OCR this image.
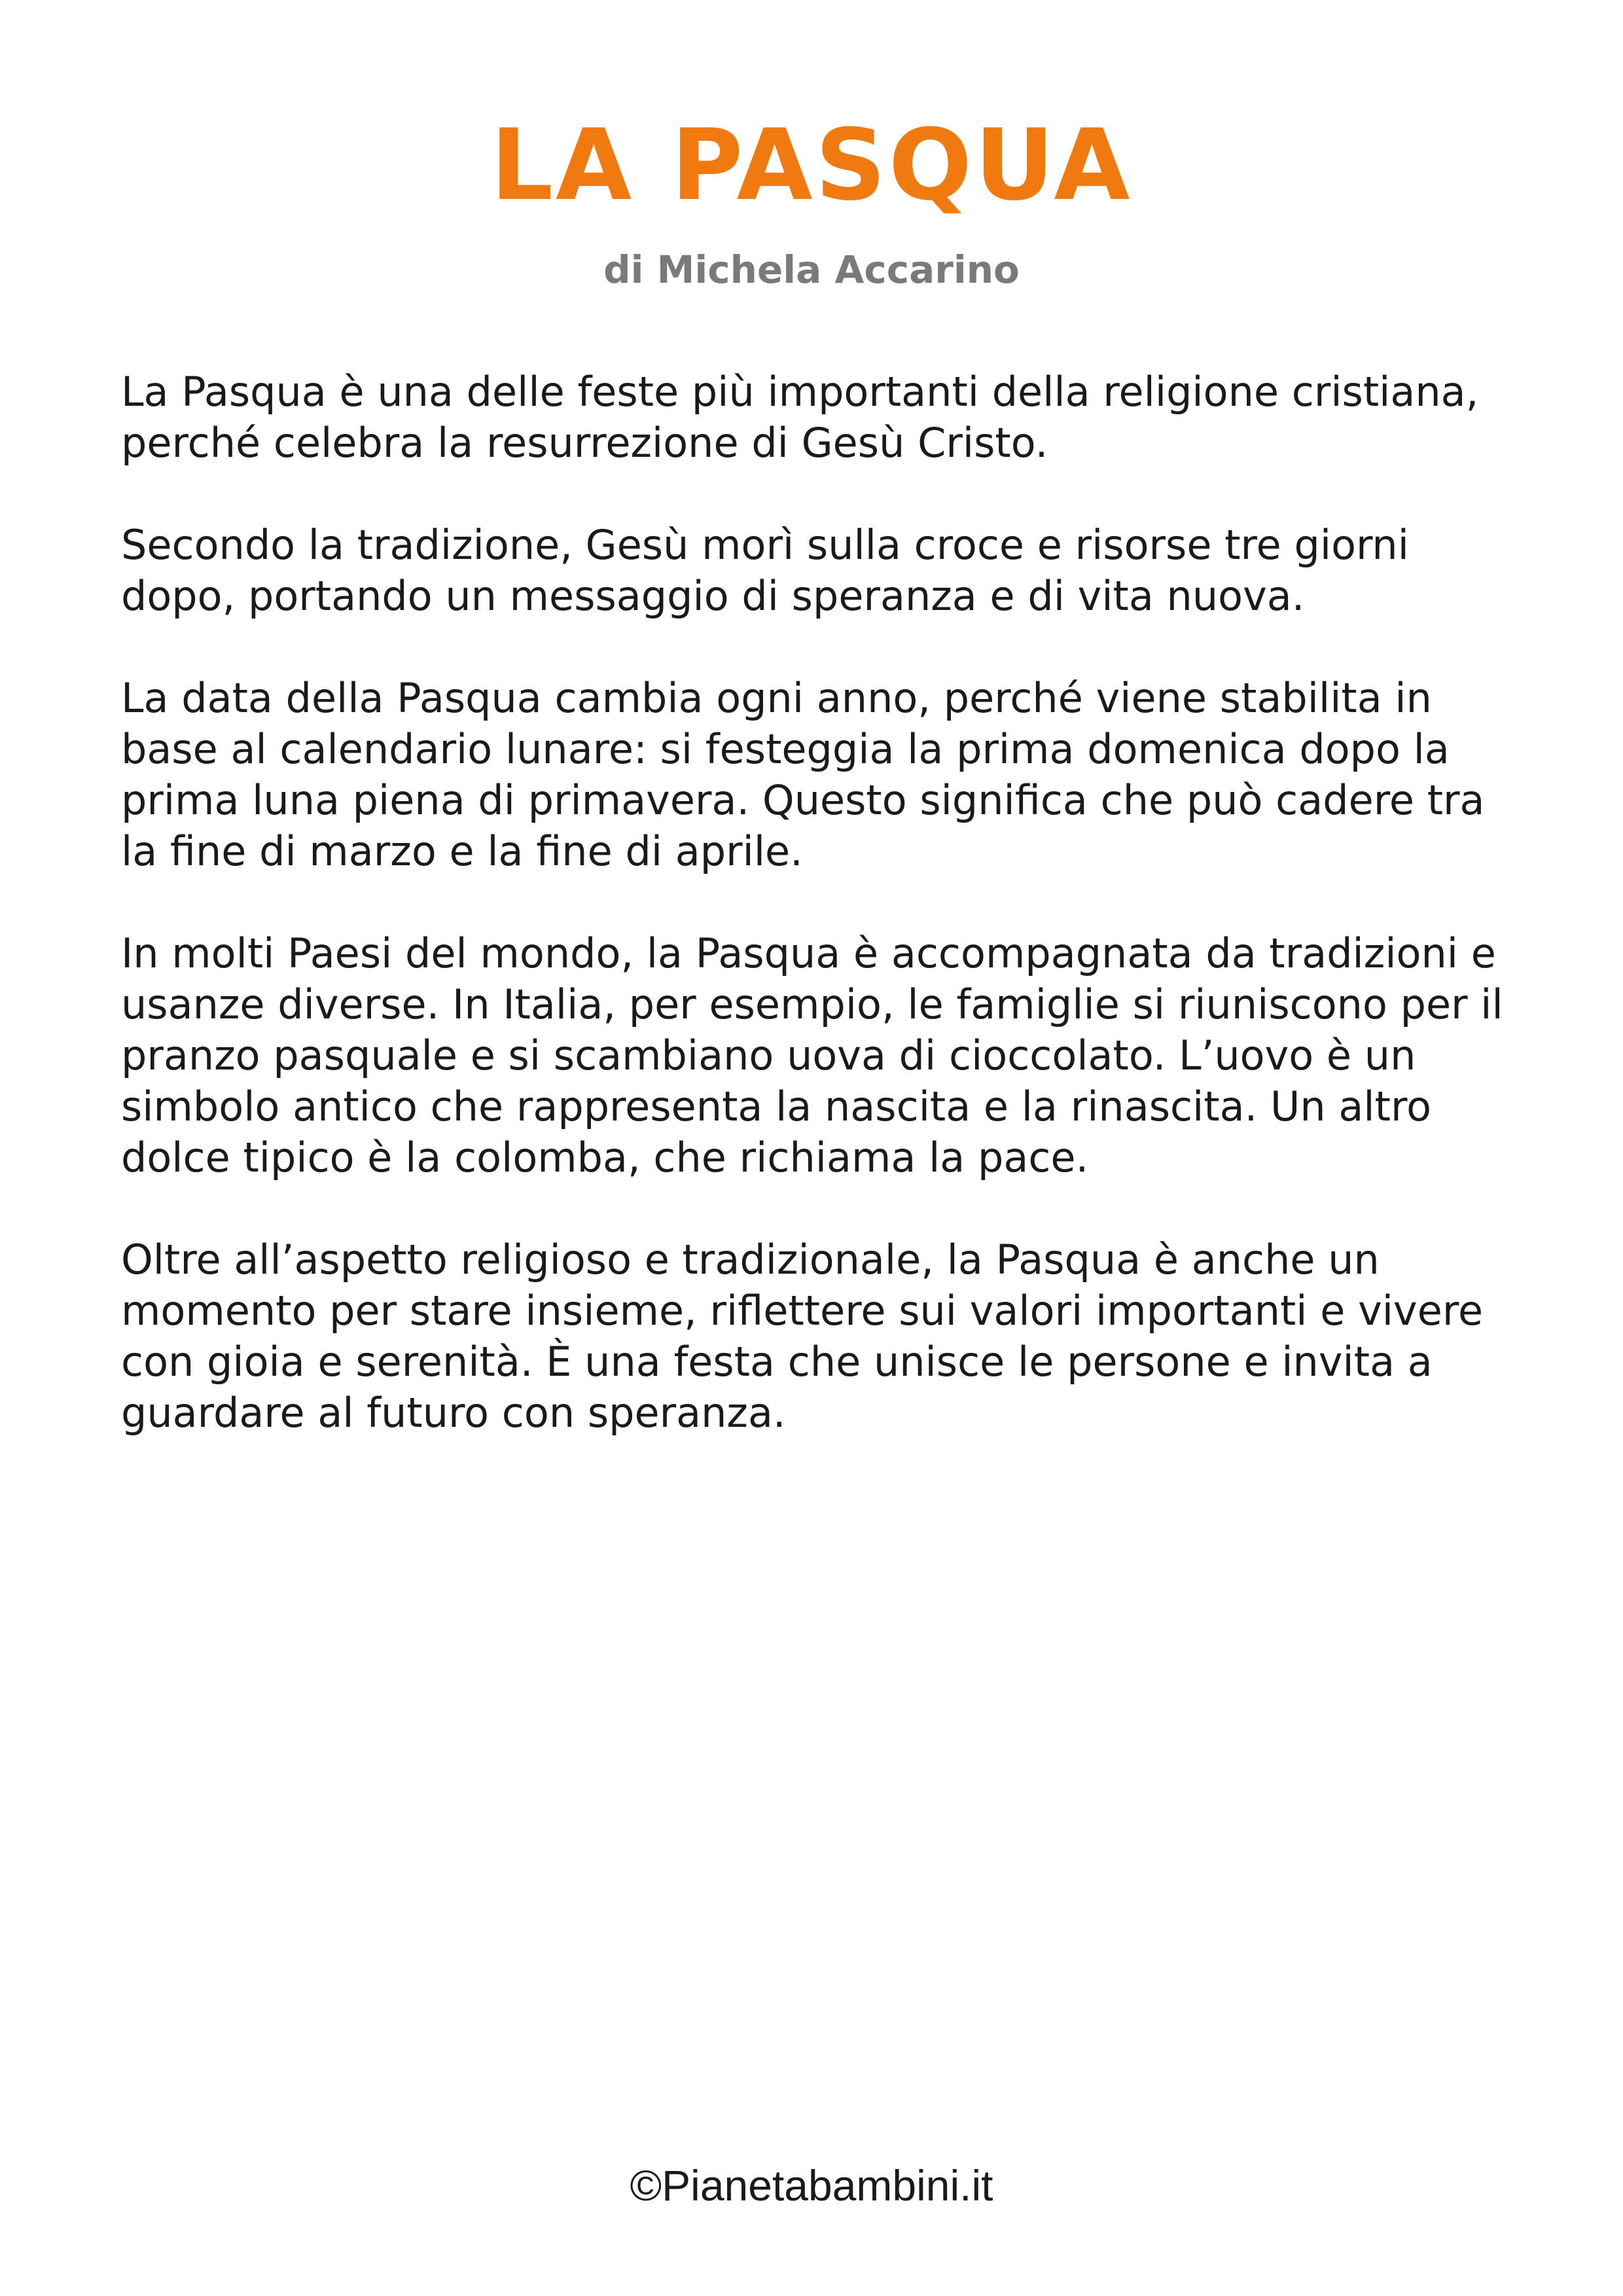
LA PASQUA
di Michela Accarino

La Pasqua è una delle feste più importanti della religione cristiana, perché celebra la resurrezione di Gesù Cristo.

Secondo la tradizione, Gesù morì sulla croce e risorse tre giorni dopo, portando un messaggio di speranza e di vita nuova.

La data della Pasqua cambia ogni anno, perché viene stabilita in base al calendario lunare: si festeggia la prima domenica dopo la prima luna piena di primavera. Questo significa che può cadere tra la fine di marzo e la fine di aprile.

In molti Paesi del mondo, la Pasqua è accompagnata da tradizioni e usanze diverse. In Italia, per esempio, le famiglie si riuniscono per il pranzo pasquale e si scambiano uova di cioccolato. L’uovo è un simbolo antico che rappresenta la nascita e la rinascita. Un altro dolce tipico è la colomba, che richiama la pace.

Oltre all’aspetto religioso e tradizionale, la Pasqua è anche un momento per stare insieme, riflettere sui valori importanti e vivere con gioia e serenità. È una festa che unisce le persone e invita a guardare al futuro con speranza.

©Pianetabambini.it
